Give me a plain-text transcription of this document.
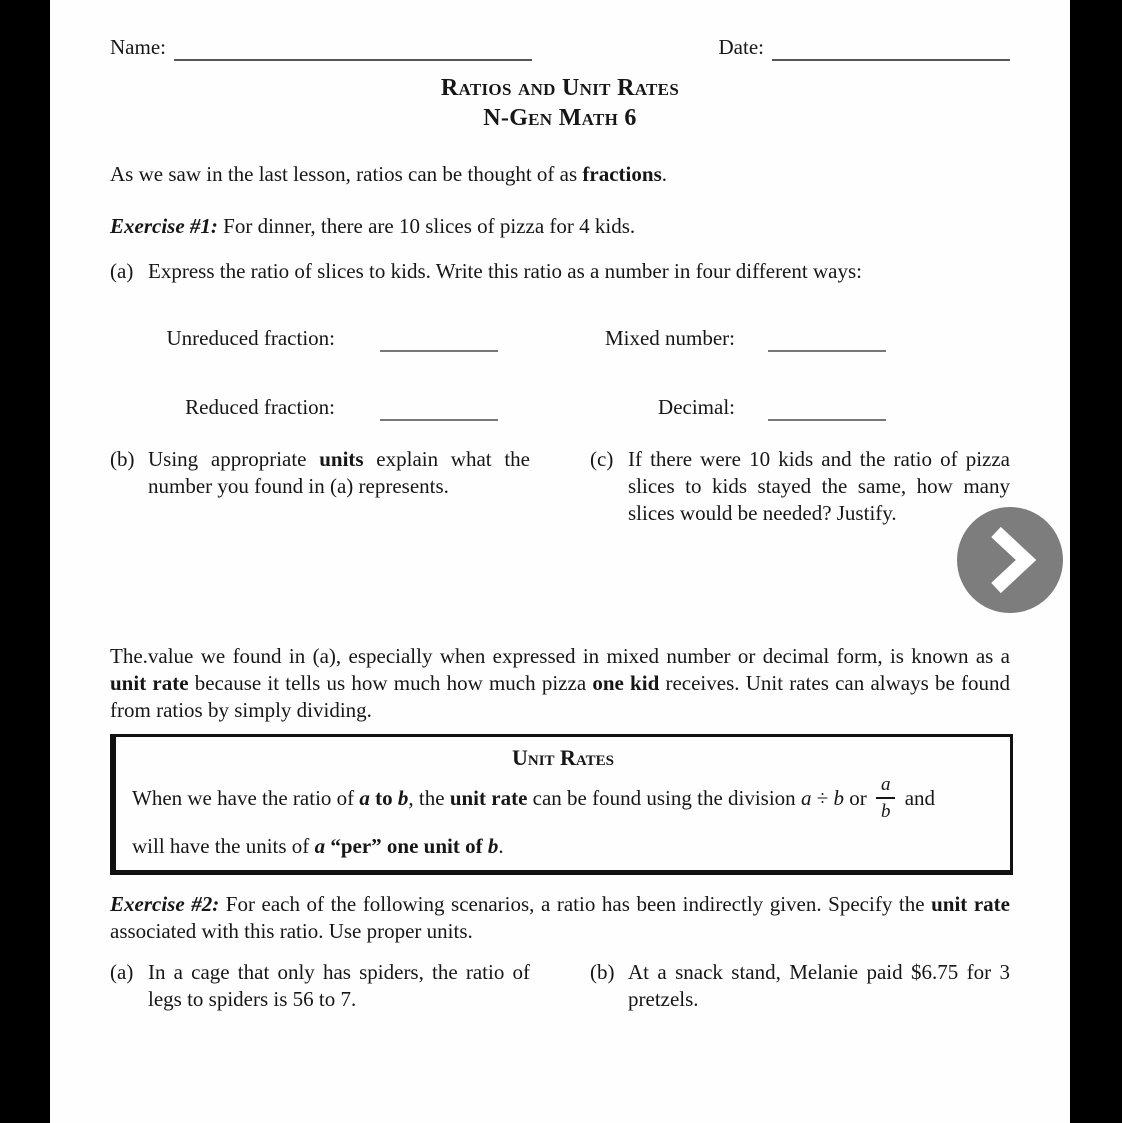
Name:	Date:
Ratios and Unit Rates
N-Gen Math 6

As we saw in the last lesson, ratios can be thought of as fractions.

Exercise #1: For dinner, there are 10 slices of pizza for 4 kids.

(a) Express the ratio of slices to kids. Write this ratio as a number in four different ways:
Unreduced fraction:	Mixed number:
Reduced fraction:	Decimal:
(b) Using appropriate units explain what the number you found in (a) represents.
(c) If there were 10 kids and the ratio of pizza slices to kids stayed the same, how many slices would be needed? Justify.

The.value we found in (a), especially when expressed in mixed number or decimal form, is known as a unit rate because it tells us how much how much pizza one kid receives. Unit rates can always be found from ratios by simply dividing.

Unit Rates
When we have the ratio of a to b, the unit rate can be found using the division a ÷ b or $\frac{a}{b}$ and
will have the units of a “per” one unit of b.

Exercise #2: For each of the following scenarios, a ratio has been indirectly given. Specify the unit rate associated with this ratio. Use proper units.

(a) In a cage that only has spiders, the ratio of legs to spiders is 56 to 7.
(b) At a snack stand, Melanie paid $6.75 for 3 pretzels.
